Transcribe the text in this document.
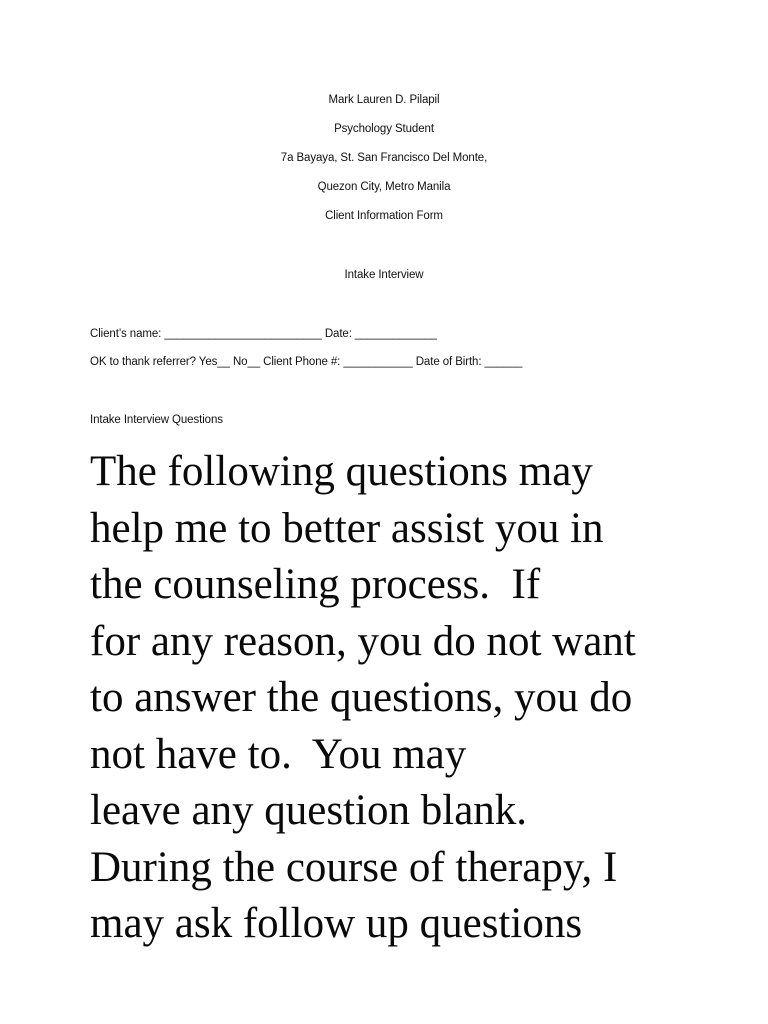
Mark Lauren D. Pilapil
Psychology Student
7a Bayaya, St. San Francisco Del Monte,
Quezon City, Metro Manila
Client Information Form
Intake Interview
Client’s name: _________________________ Date: _____________
OK to thank referrer? Yes__ No__ Client Phone #: ___________ Date of Birth: ______
Intake Interview Questions
The following questions may
help me to better assist you in
the counseling process.  If
for any reason, you do not want
to answer the questions, you do
not have to.  You may
leave any question blank.
During the course of therapy, I
may ask follow up questions
